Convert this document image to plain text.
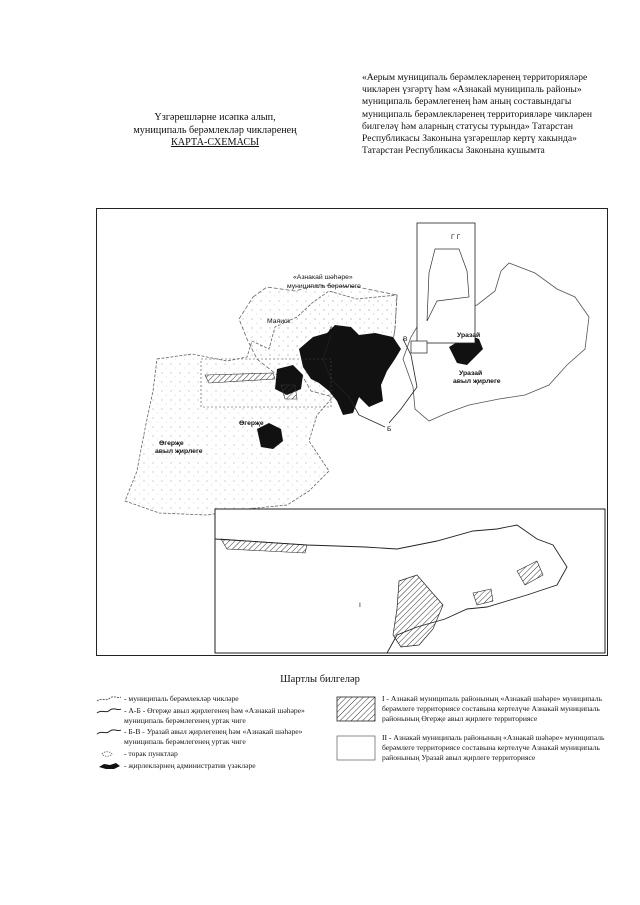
«Аерым муниципаль берәмлекләренең территорияләре чикләрен үзгәртү һәм «Азнакай муниципаль районы» муниципаль берәмлегенең һәм аның составындагы муниципаль берәмлекләренең территорияләре чикләрен билгеләү һәм аларның статусы турында» Татарстан Республикасы Законына үзгәрешләр кертү хакында» Татарстан Республикасы Законына кушымта
Үзгәрешләрне исәпкә алып,
муниципаль берәмлекләр чикләренең
КАРТА-СХЕМАСЫ
«Азнакай шәһәре»
муниципаль берәмлеге
Маяиск
Уразай
Уразай
авыл җирлеге
Өгерҗе
Өгерҗе
авыл җирлеге
А
Б
В
Г Г
I
Шартлы билгеләр
- муниципаль берәмлекләр чикләре
- А-Б - Өгерҗе авыл җирлегенең һәм «Азнакай шәһәре» муниципаль берәмлегенең уртак чиге
- Б-В - Уразай авыл җирлегенең һәм «Азнакай шәһәре» муниципаль берәмлегенең уртак чиге
- торак пунктлар
- җирлекләрнең административ үзәкләре
I - Азнакай муниципаль районының «Азнакай шәһәре» муниципаль берәмлеге территориясе составына кертелүче Азнакай муниципаль районының Өгерҗе авыл җирлеге территориясе
II - Азнакай муниципаль районының «Азнакай шәһәре» муниципаль берәмлеге территориясе составына кертелүче Азнакай муниципаль районының Уразай авыл җирлеге территориясе
